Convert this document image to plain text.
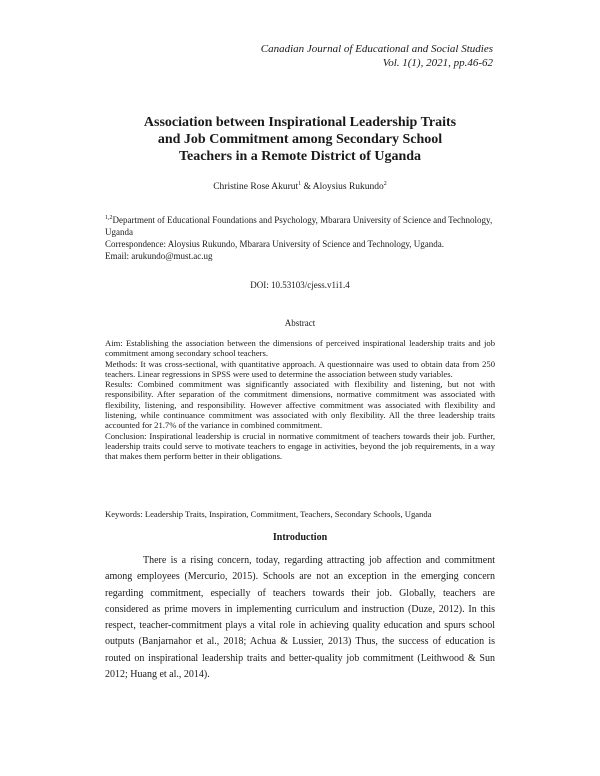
Canadian Journal of Educational and Social Studies
Vol. 1(1), 2021, pp.46-62
Association between Inspirational Leadership Traits
and Job Commitment among Secondary School
Teachers in a Remote District of Uganda
Christine Rose Akurut$^1$ & Aloysius Rukundo$^2$
$^{1,2}$Department of Educational Foundations and Psychology, Mbarara University of Science and Technology, Uganda
Correspondence: Aloysius Rukundo, Mbarara University of Science and Technology, Uganda.
Email: arukundo@must.ac.ug
DOI: 10.53103/cjess.v1i1.4
Abstract

Aim: Establishing the association between the dimensions of perceived inspirational leadership traits and job commitment among secondary school teachers.

Methods: It was cross-sectional, with quantitative approach. A questionnaire was used to obtain data from 250 teachers. Linear regressions in SPSS were used to determine the association between study variables.

Results: Combined commitment was significantly associated with flexibility and listening, but not with responsibility. After separation of the commitment dimensions, normative commitment was associated with flexibility, listening, and responsibility. However affective commitment was associated with flexibility and listening, while continuance commitment was associated with only flexibility. All the three leadership traits accounted for 21.7% of the variance in combined commitment.

Conclusion: Inspirational leadership is crucial in normative commitment of teachers towards their job. Further, leadership traits could serve to motivate teachers to engage in activities, beyond the job requirements, in a way that makes them perform better in their obligations.

Keywords: Leadership Traits, Inspiration, Commitment, Teachers, Secondary Schools, Uganda
Introduction

There is a rising concern, today, regarding attracting job affection and commitment among employees (Mercurio, 2015). Schools are not an exception in the emerging concern regarding commitment, especially of teachers towards their job. Globally, teachers are considered as prime movers in implementing curriculum and instruction (Duze, 2012). In this respect, teacher-commitment plays a vital role in achieving quality education and spurs school outputs (Banjarnahor et al., 2018; Achua & Lussier, 2013) Thus, the success of education is routed on inspirational leadership traits and better-quality job commitment (Leithwood & Sun 2012; Huang et al., 2014).
